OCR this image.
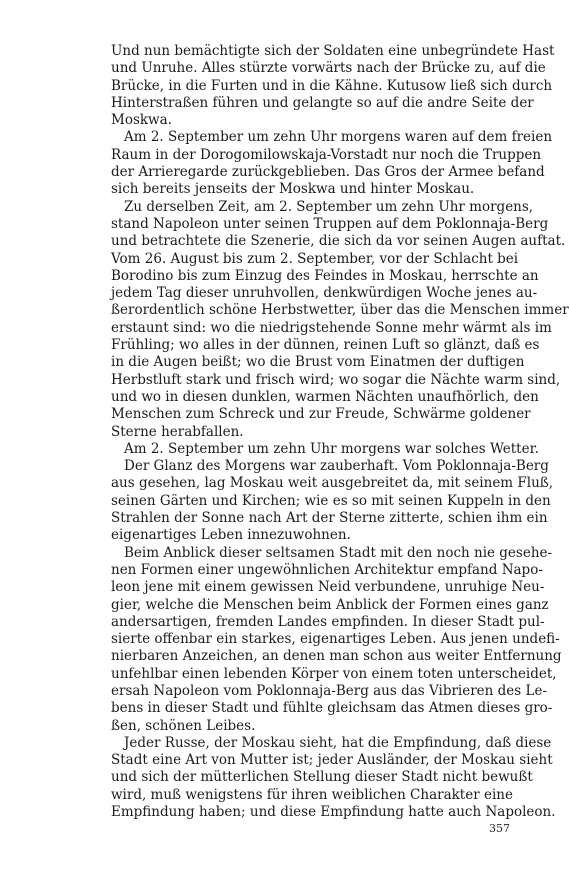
Und nun bemächtigte sich der Soldaten eine unbegründete Hast
und Unruhe. Alles stürzte vorwärts nach der Brücke zu, auf die
Brücke, in die Furten und in die Kähne. Kutusow ließ sich durch
Hinterstraßen führen und gelangte so auf die andre Seite der
Moskwa.
Am 2. September um zehn Uhr morgens waren auf dem freien
Raum in der Dorogomilowskaja-Vorstadt nur noch die Truppen
der Arrieregarde zurückgeblieben. Das Gros der Armee befand
sich bereits jenseits der Moskwa und hinter Moskau.
Zu derselben Zeit, am 2. September um zehn Uhr morgens,
stand Napoleon unter seinen Truppen auf dem Poklonnaja-Berg
und betrachtete die Szenerie, die sich da vor seinen Augen auftat.
Vom 26. August bis zum 2. September, vor der Schlacht bei
Borodino bis zum Einzug des Feindes in Moskau, herrschte an
jedem Tag dieser unruhvollen, denkwürdigen Woche jenes au-
ßerordentlich schöne Herbstwetter, über das die Menschen immer
erstaunt sind: wo die niedrigstehende Sonne mehr wärmt als im
Frühling; wo alles in der dünnen, reinen Luft so glänzt, daß es
in die Augen beißt; wo die Brust vom Einatmen der duftigen
Herbstluft stark und frisch wird; wo sogar die Nächte warm sind,
und wo in diesen dunklen, warmen Nächten unaufhörlich, den
Menschen zum Schreck und zur Freude, Schwärme goldener
Sterne herabfallen.
Am 2. September um zehn Uhr morgens war solches Wetter.
Der Glanz des Morgens war zauberhaft. Vom Poklonnaja-Berg
aus gesehen, lag Moskau weit ausgebreitet da, mit seinem Fluß,
seinen Gärten und Kirchen; wie es so mit seinen Kuppeln in den
Strahlen der Sonne nach Art der Sterne zitterte, schien ihm ein
eigenartiges Leben innezuwohnen.
Beim Anblick dieser seltsamen Stadt mit den noch nie gesehe-
nen Formen einer ungewöhnlichen Architektur empfand Napo-
leon jene mit einem gewissen Neid verbundene, unruhige Neu-
gier, welche die Menschen beim Anblick der Formen eines ganz
andersartigen, fremden Landes empfinden. In dieser Stadt pul-
sierte offenbar ein starkes, eigenartiges Leben. Aus jenen undefi-
nierbaren Anzeichen, an denen man schon aus weiter Entfernung
unfehlbar einen lebenden Körper von einem toten unterscheidet,
ersah Napoleon vom Poklonnaja-Berg aus das Vibrieren des Le-
bens in dieser Stadt und fühlte gleichsam das Atmen dieses gro-
ßen, schönen Leibes.
Jeder Russe, der Moskau sieht, hat die Empfindung, daß diese
Stadt eine Art von Mutter ist; jeder Ausländer, der Moskau sieht
und sich der mütterlichen Stellung dieser Stadt nicht bewußt
wird, muß wenigstens für ihren weiblichen Charakter eine
Empfindung haben; und diese Empfindung hatte auch Napoleon.
357
